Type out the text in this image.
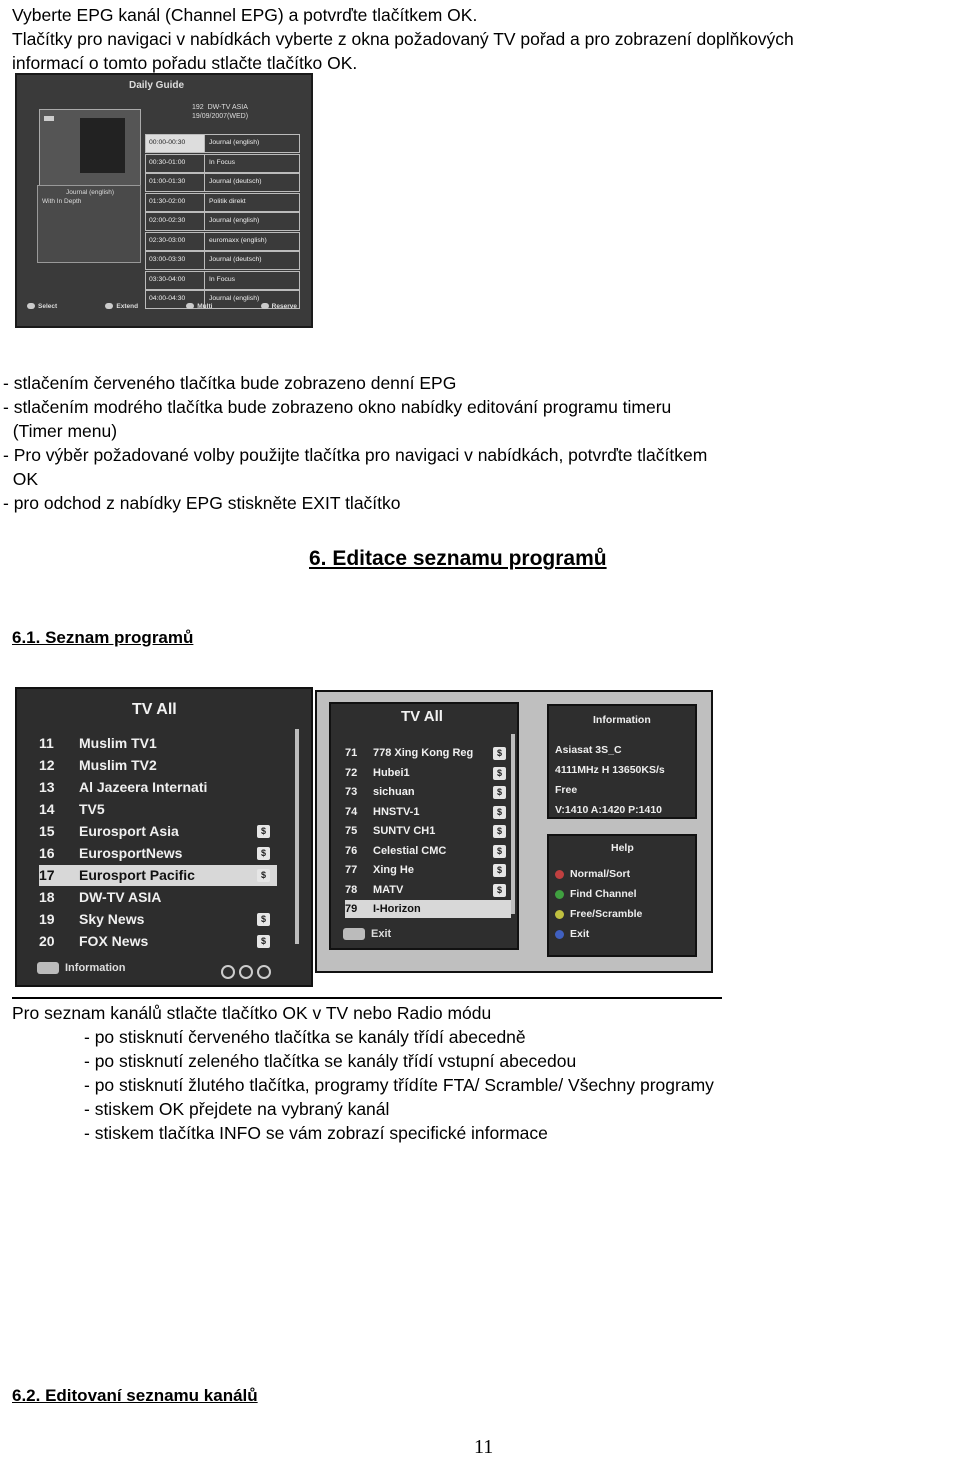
Vyberte EPG kanál (Channel EPG) a potvrďte tlačítkem OK.
Tlačítky pro navigaci v nabídkách vyberte z okna požadovaný TV pořad a pro zobrazení doplňkových
informací o tomto pořadu stlačte tlačítko OK.
Daily Guide
192  DW-TV ASIA
19/09/2007(WED)
Journal (english)
With In Depth
00:00-00:30	Journal (english)
00:30-01:00	In Focus
01:00-01:30	Journal (deutsch)
01:30-02:00	Politik direkt
02:00-02:30	Journal (english)
02:30-03:00	euromaxx (english)
03:00-03:30	Journal (deutsch)
03:30-04:00	In Focus
04:00-04:30	Journal (english)
Select	Extend	Multi	Reserve
- stlačením červeného tlačítka bude zobrazeno denní EPG
- stlačením modrého tlačítka bude zobrazeno okno nabídky editování programu timeru
(Timer menu)
- Pro výběr požadované volby použijte tlačítka pro navigaci v nabídkách, potvrďte tlačítkem
OK
- pro odchod z nabídky EPG stiskněte EXIT tlačítko
6. Editace seznamu programů
6.1. Seznam programů
TV All
11 Muslim TV1
12 Muslim TV2
13 Al Jazeera Internati
14 TV5
15 Eurosport Asia	$
16 EurosportNews	$
17 Eurosport Pacific	$
18 DW-TV ASIA
19 Sky News	$
20 FOX News	$
Information
TV All
71 778 Xing Kong Reg	$
72 Hubei1	$
73 sichuan	$
74 HNSTV-1	$
75 SUNTV CH1	$
76 Celestial CMC	$
77 Xing He	$
78 MATV	$
79 I-Horizon
Exit
Information
Asiasat 3S_C
4111MHz H 13650KS/s
Free
V:1410 A:1420 P:1410
Help
Normal/Sort
Find Channel
Free/Scramble
Exit
Pro seznam kanálů stlačte tlačítko OK v TV nebo Radio módu
- po stisknutí červeného tlačítka se kanály třídí abecedně
- po stisknutí zeleného tlačítka se kanály třídí vstupní abecedou
- po stisknutí žlutého tlačítka, programy třídíte FTA/ Scramble/ Všechny programy
- stiskem OK přejdete na vybraný kanál
- stiskem tlačítka INFO se vám zobrazí specifické informace
6.2. Editovaní seznamu kanálů
11
